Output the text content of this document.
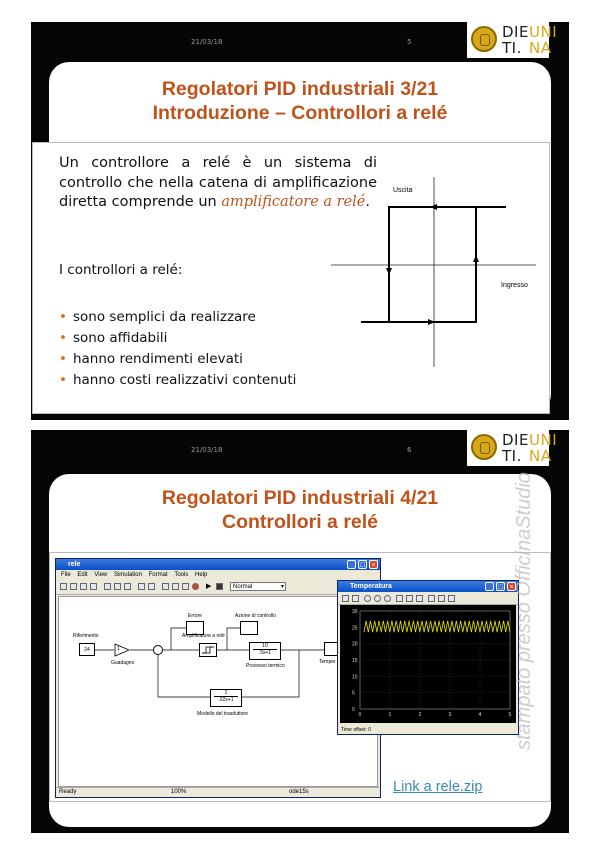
21/03/18	5
DIE
TI.
UNI
NA
Regolatori PID industriali 3/21
Introduzione – Controllori a relé

Un controllore a relé è un sistema di controllo che nella catena di amplificazione diretta comprende un amplificatore a relé.

I controllori a relé:
• sono semplici da realizzare
• sono affidabili
• hanno rendimenti elevati
• hanno costi realizzativi contenuti
Uscita
Ingresso
21/03/18	6
DIE
TI.
UNI
NA
Regolatori PID industriali 4/21
Controllori a relé
rele	_ □ ×
File Edit View Simulation Format Tools Help
▶	Normal	▾
Riferimento
24	1
Guadagno
Errore	Azione di controllo
Amplificatore a relé
$\frac{10}{.5s+1}$
Processo termico
Temper
$\frac{1}{.02s+1}$
Modello del trasduttore
Ready	100%	ode15s
Temperatura	_ □ ×
30
25
20
15
10
5
0
0	1	2	3	4	5
Time offset: 0
Link a rele.zip
stampato presso OfficinaStudio
